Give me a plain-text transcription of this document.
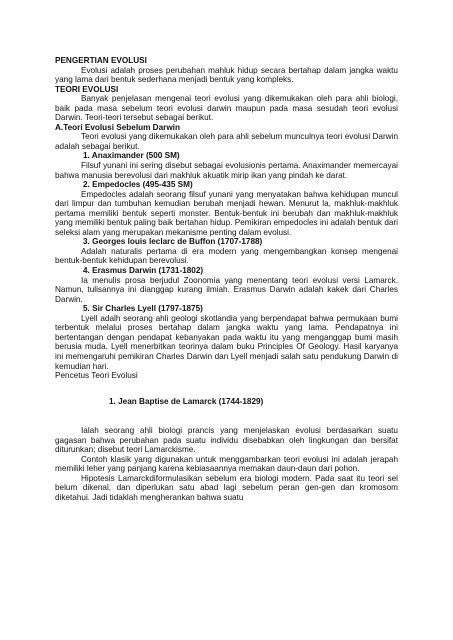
PENGERTIAN EVOLUSI

Evolusi adalah proses perubahan mahluk hidup secara bertahap dalam jangka waktu yang lama dari bentuk sederhana menjadi bentuk yang kompleks.

TEORI EVOLUSI

Banyak penjelasan mengenai teori evolusi yang dikemukakan oleh para ahli biologi, baik pada masa sebelum teori evolusi darwin maupun pada masa sesudah teori evolusi Darwin. Teori-teori tersebut sebagai berikut.

A.Teori Evolusi Sebelum Darwin

Teori evolusi yang dikemukakan oleh para ahli sebelum munculnya teori evolusi Darwin adalah sebagai berikut.

1. Anaximander (500 SM)

Filsuf yunani ini sering disebut sebagai evolusionis pertama. Anaximander memercayai bahwa manusia berevolusi dari makhluk akuatik mirip ikan yang pindah ke darat.

2. Empedocles (495-435 SM)

Empedocles adalah seorang filsuf yunani yang menyatakan bahwa kehidupan muncul dari limpur dan tumbuhan kemudian berubah menjadi hewan. Menurut la, makhluk-makhluk pertama memiliki bentuk seperti monster. Bentuk-bentuk ini berubah dan makhluk-makhluk yang memiliki bentuk paling baik bertahan hidup. Pemikiran empedocles ini adalah bentuk dari seleksi alam yang merupakan mekanisme penting dalam evolusi.

3. Georges louis leclarc de Buffon (1707-1788)

Adalah naturalis pertama di era modern yang mengembangkan konsep mengenai bentuk-bentuk kehidupan berevolusi.

4. Erasmus Darwin (1731-1802)

Ia menulis prosa berjudul Zoonomia yang menentang teori evolusi versi Lamarck. Namun, tulisannya ini dianggap kurang ilmiah. Erasmus Darwin adalah kakek dari Charles Darwin.

5. Sir Charles Lyell (1797-1875)

Lyell adalh seorang ahli geologi skotlandia yang berpendapat bahwa permukaan bumi terbentuk melalui proses bertahap dalam jangka waktu yang lama. Pendapatnya ini bertentangan dengan pendapat kebanyakan pada waktu itu yang menganggap bumi masih berusia muda. Lyell menerbitkan teorinya dalam buku Principles Of Geology. Hasil karyanya ini memengaruhi pemikiran Charles Darwin dan Lyell menjadi salah satu pendukung Darwin di kemudian hari.

Pencetus Teori Evolusi

1. Jean Baptise de Lamarck (1744-1829)

Ialah seorang ahli biologi prancis yang menjelaskan evolusi berdasarkan suatu gagasan bahwa perubahan pada suatu individu disebabkan oleh lingkungan dan bersifat diturunkan; disebut teori Lamarckisme.

Contoh klasik yang digunakan untuk menggambarkan teori evolusi ini adalah jerapah memiliki leher yang panjang karena kebiasaannya memakan daun-daun dari pohon.

Hipotesis Lamarckdiformulasikan sebelum era biologi modern. Pada saat itu teori sel belum dikenal, dan diperlukan satu abad lagi sebelum peran gen-gen dan kromosom diketahui. Jadi tidaklah mengherankan bahwa suatu
